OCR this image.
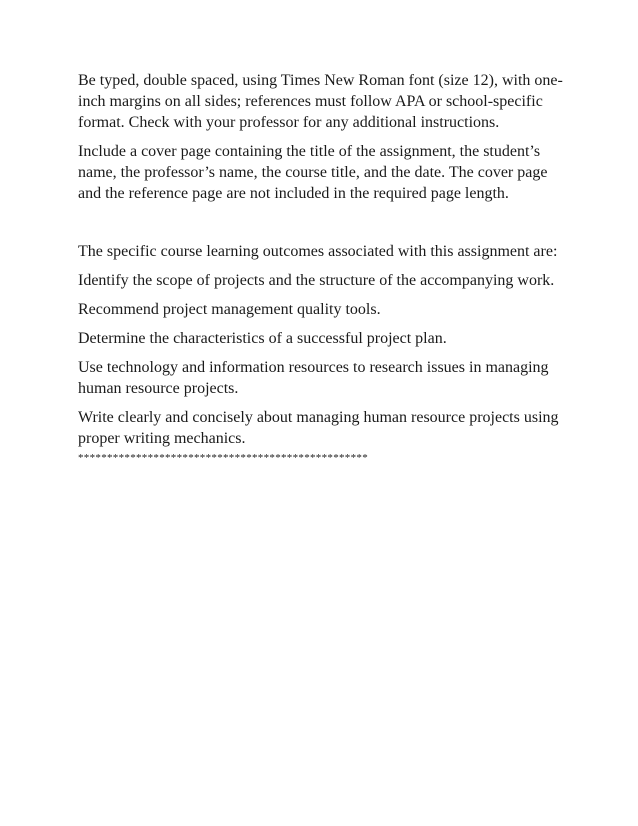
Be typed, double spaced, using Times New Roman font (size 12), with one-inch margins on all sides; references must follow APA or school-specific format. Check with your professor for any additional instructions.

Include a cover page containing the title of the assignment, the student’s name, the professor’s name, the course title, and the date. The cover page and the reference page are not included in the required page length.

The specific course learning outcomes associated with this assignment are:

Identify the scope of projects and the structure of the accompanying work.

Recommend project management quality tools.

Determine the characteristics of a successful project plan.

Use technology and information resources to research issues in managing human resource projects.

Write clearly and concisely about managing human resource projects using proper writing mechanics.

**************************************************
